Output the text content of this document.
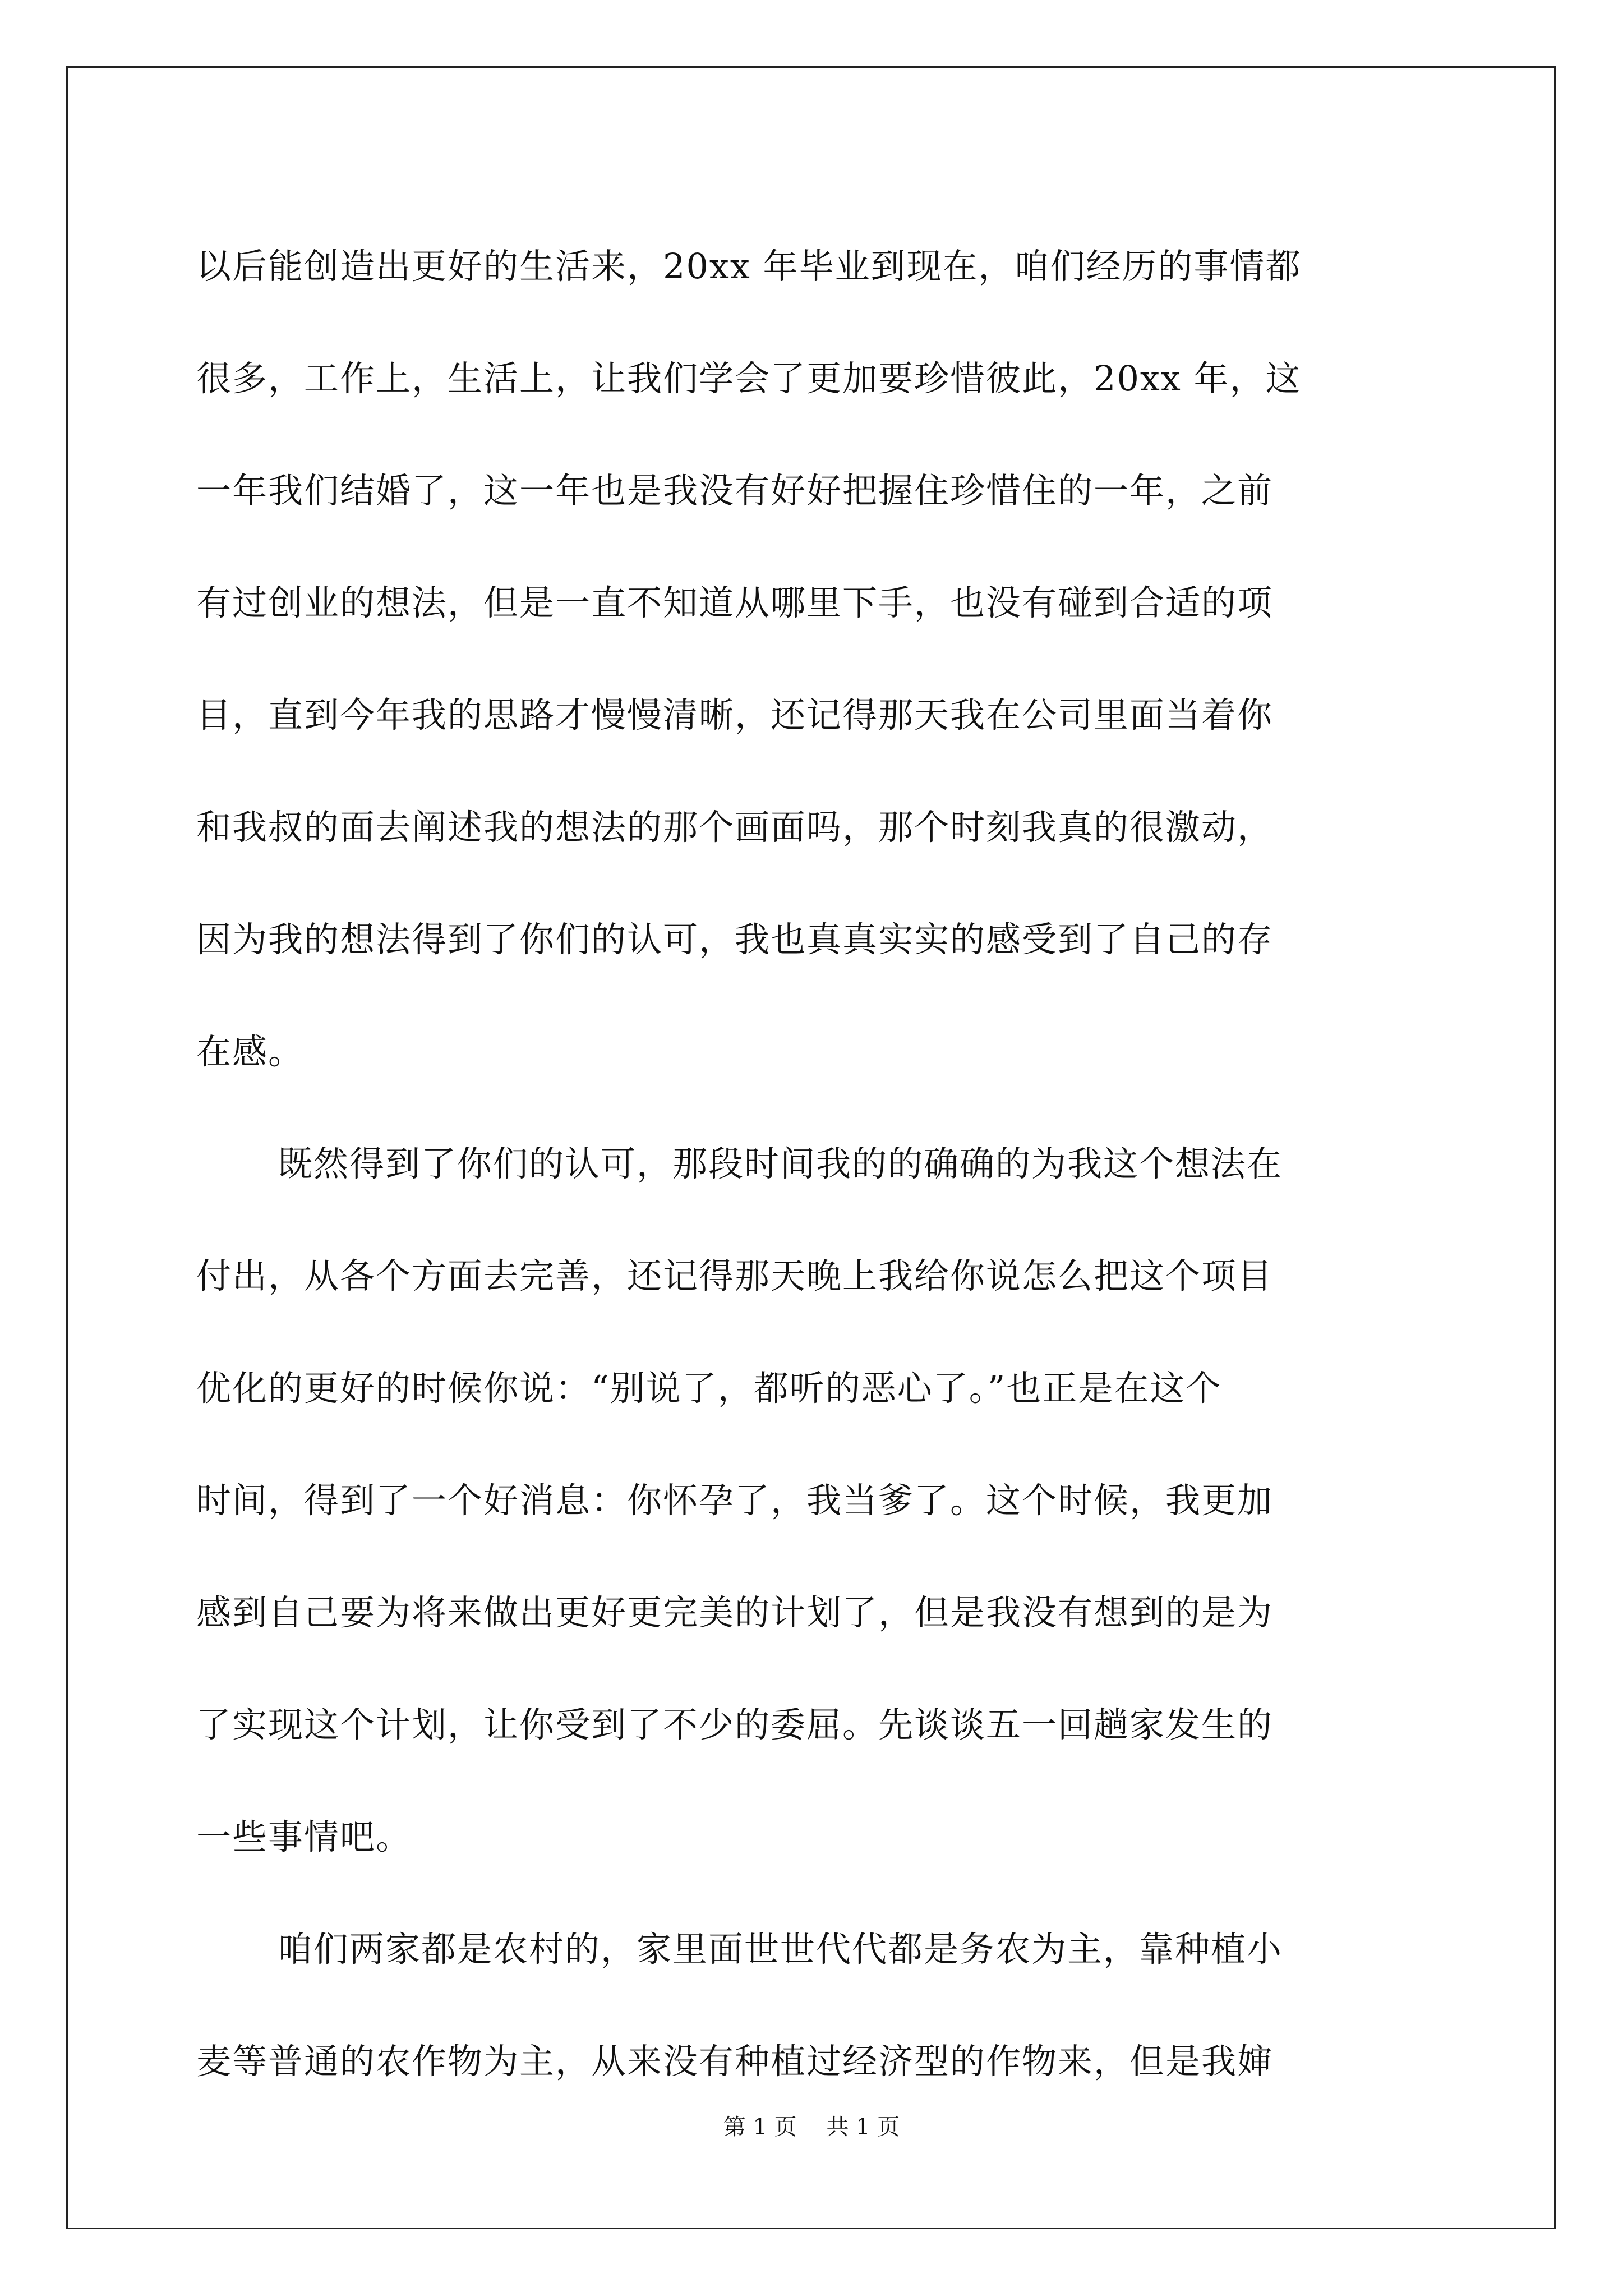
以后能创造出更好的生活来，20xx 年毕业到现在，咱们经历的事情都
很多，工作上，生活上，让我们学会了更加要珍惜彼此，20xx 年，这
一年我们结婚了，这一年也是我没有好好把握住珍惜住的一年，之前
有过创业的想法，但是一直不知道从哪里下手，也没有碰到合适的项
目，直到今年我的思路才慢慢清晰，还记得那天我在公司里面当着你
和我叔的面去阐述我的想法的那个画面吗，那个时刻我真的很激动，
因为我的想法得到了你们的认可，我也真真实实的感受到了自己的存
在感。
既然得到了你们的认可，那段时间我的的确确的为我这个想法在
付出，从各个方面去完善，还记得那天晚上我给你说怎么把这个项目
优化的更好的时候你说：“别说了，都听的恶心了。”也正是在这个
时间，得到了一个好消息：你怀孕了，我当爹了。这个时候，我更加
感到自己要为将来做出更好更完美的计划了，但是我没有想到的是为
了实现这个计划，让你受到了不少的委屈。先谈谈五一回趟家发生的
一些事情吧。
咱们两家都是农村的，家里面世世代代都是务农为主，靠种植小
麦等普通的农作物为主，从来没有种植过经济型的作物来，但是我婶
第 1 页 共 1 页
